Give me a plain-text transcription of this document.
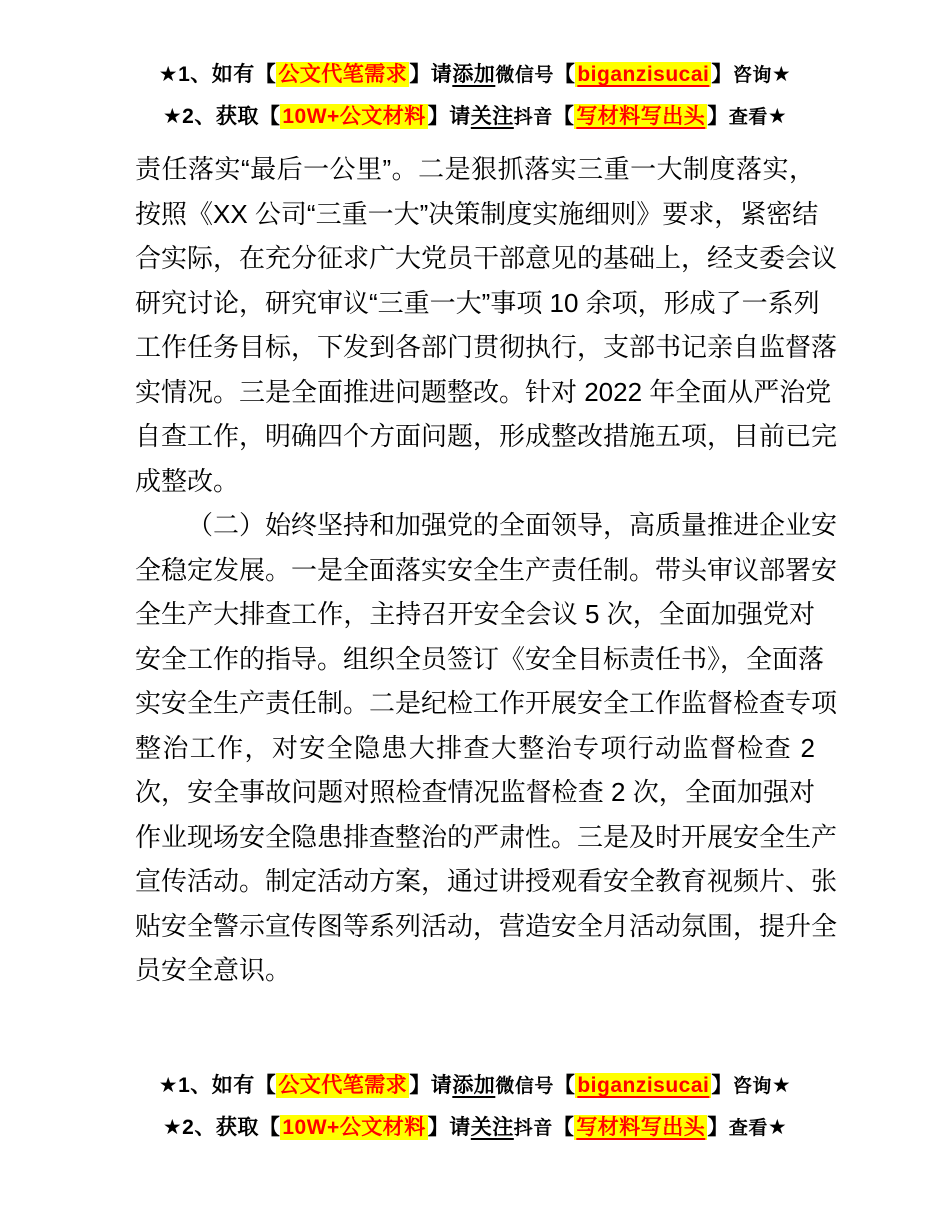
★1、如有【公文代笔需求】请添加微信号【biganzisucai】咨询★
★2、获取【10W+公文材料】请关注抖音【写材料写出头】查看★
责任落实“最后一公里”。二是狠抓落实三重一大制度落实，
按照《XX 公司“三重一大”决策制度实施细则》要求，紧密结
合实际，在充分征求广大党员干部意见的基础上，经支委会议
研究讨论，研究审议“三重一大”事项 10 余项，形成了一系列
工作任务目标，下发到各部门贯彻执行，支部书记亲自监督落
实情况。三是全面推进问题整改。针对 2022 年全面从严治党
自查工作，明确四个方面问题，形成整改措施五项，目前已完
成整改。
（二）始终坚持和加强党的全面领导，高质量推进企业安
全稳定发展。一是全面落实安全生产责任制。带头审议部署安
全生产大排查工作，主持召开安全会议 5 次，全面加强党对
安全工作的指导。组织全员签订《安全目标责任书》，全面落
实安全生产责任制。二是纪检工作开展安全工作监督检查专项
整治工作，对安全隐患大排查大整治专项行动监督检查 2
次，安全事故问题对照检查情况监督检查 2 次，全面加强对
作业现场安全隐患排查整治的严肃性。三是及时开展安全生产
宣传活动。制定活动方案，通过讲授观看安全教育视频片、张
贴安全警示宣传图等系列活动，营造安全月活动氛围，提升全
员安全意识。
★1、如有【公文代笔需求】请添加微信号【biganzisucai】咨询★
★2、获取【10W+公文材料】请关注抖音【写材料写出头】查看★
